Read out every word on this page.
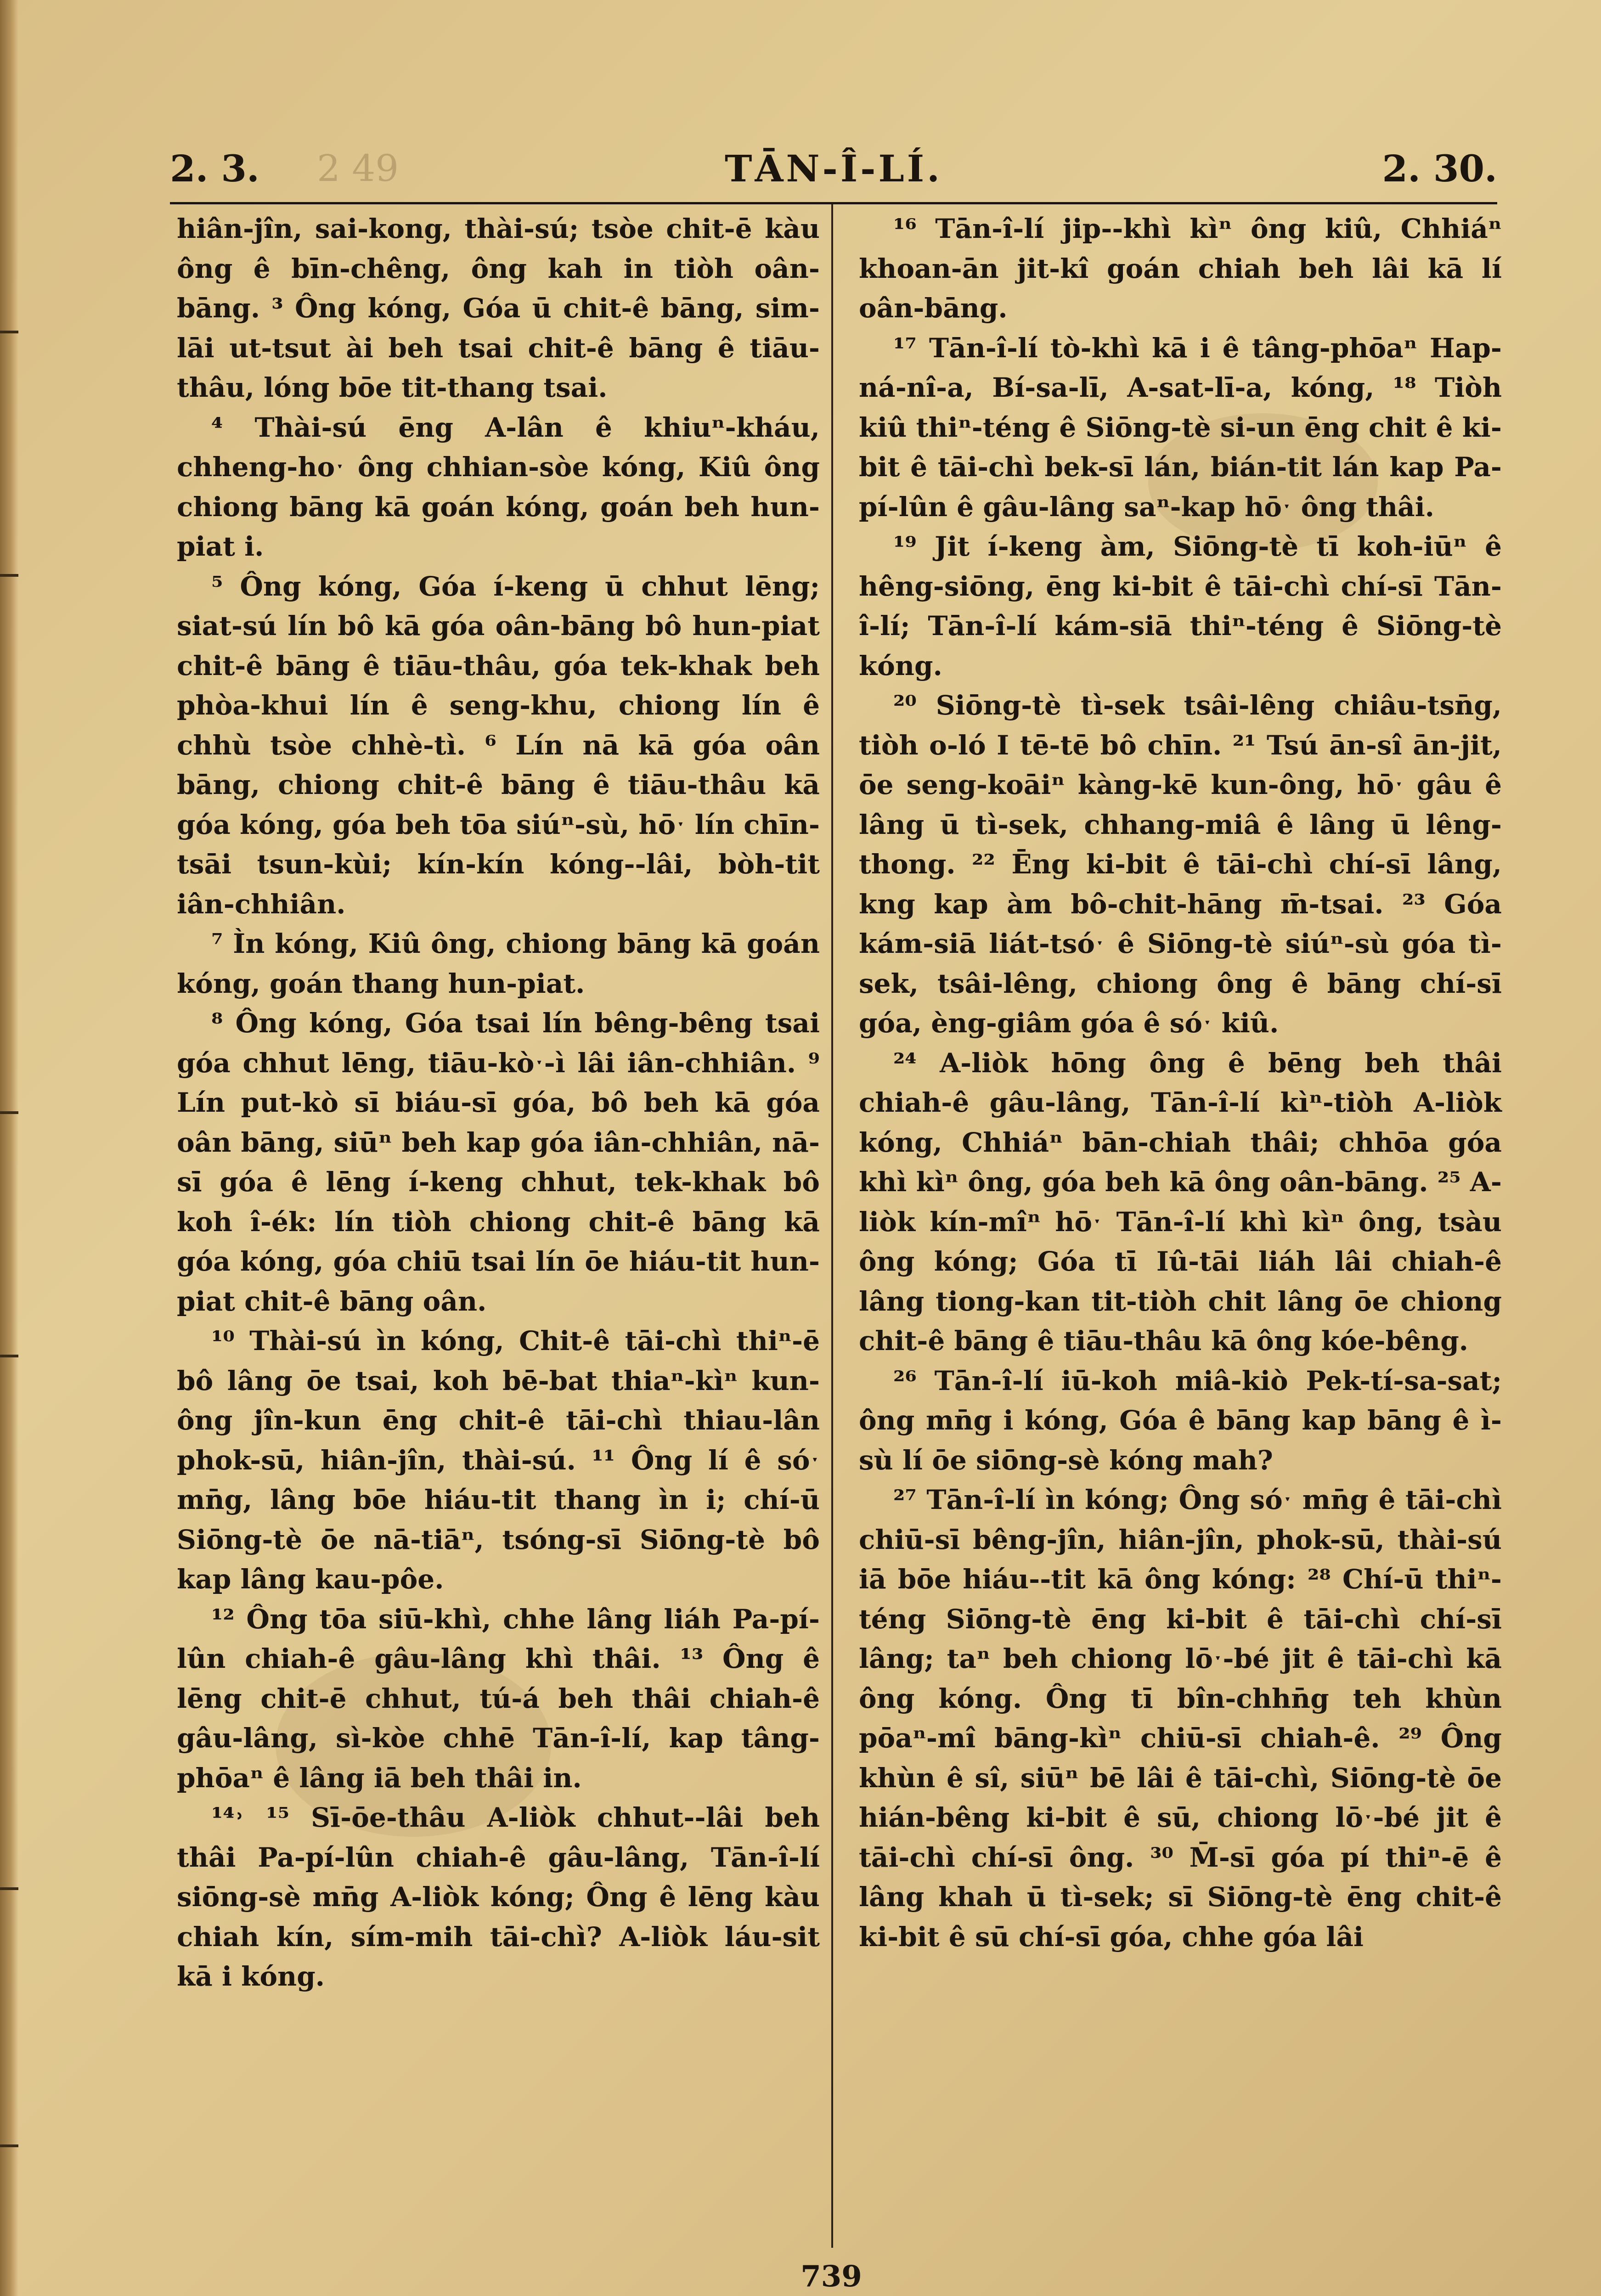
2. 3. 2 49	TĀN-Î-LÍ.	2. 30.

hiân-jîn, sai-kong, thài-sú; tsòe chit-ē kàu ông ê bīn-chêng, ông kah in tiòh oân-bāng. ³ Ông kóng, Góa ū chit-ê bāng, sim-lāi ut-tsut ài beh tsai chit-ê bāng ê tiāu-thâu, lóng bōe tit-thang tsai.

⁴ Thài-sú ēng A-lân ê khiuⁿ-kháu, chheng-hoˑ ông chhian-sòe kóng, Kiû ông chiong bāng kā goán kóng, goán beh hun-piat i.

⁵ Ông kóng, Góa í-keng ū chhut lēng; siat-sú lín bô kā góa oân-bāng bô hun-piat chit-ê bāng ê tiāu-thâu, góa tek-khak beh phòa-khui lín ê seng-khu, chiong lín ê chhù tsòe chhè-tì. ⁶ Lín nā kā góa oân bāng, chiong chit-ê bāng ê tiāu-thâu kā góa kóng, góa beh tōa siúⁿ-sù, hōˑ lín chīn-tsāi tsun-kùi; kín-kín kóng--lâi, bòh-tit iân-chhiân.

⁷ Ìn kóng, Kiû ông, chiong bāng kā goán kóng, goán thang hun-piat.

⁸ Ông kóng, Góa tsai lín bêng-bêng tsai góa chhut lēng, tiāu-kòˑ-ì lâi iân-chhiân. ⁹ Lín put-kò sī biáu-sī góa, bô beh kā góa oân bāng, siūⁿ beh kap góa iân-chhiân, nā-sī góa ê lēng í-keng chhut, tek-khak bô koh î-ék: lín tiòh chiong chit-ê bāng kā góa kóng, góa chiū tsai lín ōe hiáu-tit hun-piat chit-ê bāng oân.

¹⁰ Thài-sú ìn kóng, Chit-ê tāi-chì thiⁿ-ē bô lâng ōe tsai, koh bē-bat thiaⁿ-kìⁿ kun-ông jîn-kun ēng chit-ê tāi-chì thiau-lân phok-sū, hiân-jîn, thài-sú. ¹¹ Ông lí ê sóˑ mn̄g, lâng bōe hiáu-tit thang ìn i; chí-ū Siōng-tè ōe nā-tiāⁿ, tsóng-sī Siōng-tè bô kap lâng kau-pôe.

¹² Ông tōa siū-khì, chhe lâng liáh Pa-pí-lûn chiah-ê gâu-lâng khì thâi. ¹³ Ông ê lēng chit-ē chhut, tú-á beh thâi chiah-ê gâu-lâng, sì-kòe chhē Tān-î-lí, kap tâng-phōaⁿ ê lâng iā beh thâi in.

¹⁴˒ ¹⁵ Sī-ōe-thâu A-liòk chhut--lâi beh thâi Pa-pí-lûn chiah-ê gâu-lâng, Tān-î-lí siōng-sè mn̄g A-liòk kóng; Ông ê lēng kàu chiah kín, sím-mih tāi-chì? A-liòk láu-sit kā i kóng.

¹⁶ Tān-î-lí jip--khì kìⁿ ông kiû, Chhiáⁿ khoan-ān jit-kî goán chiah beh lâi kā lí oân-bāng.

¹⁷ Tān-î-lí tò-khì kā i ê tâng-phōaⁿ Hap-ná-nî-a, Bí-sa-lī, A-sat-lī-a, kóng, ¹⁸ Tiòh kiû thiⁿ-téng ê Siōng-tè si-un ēng chit ê ki-bit ê tāi-chì bek-sī lán, bián-tit lán kap Pa-pí-lûn ê gâu-lâng saⁿ-kap hōˑ ông thâi.

¹⁹ Jit í-keng àm, Siōng-tè tī koh-iūⁿ ê hêng-siōng, ēng ki-bit ê tāi-chì chí-sī Tān-î-lí; Tān-î-lí kám-siā thiⁿ-téng ê Siōng-tè kóng.

²⁰ Siōng-tè tì-sek tsâi-lêng chiâu-tsn̄g, tiòh o-ló I tē-tē bô chīn. ²¹ Tsú ān-sî ān-jit, ōe seng-koāiⁿ kàng-kē kun-ông, hōˑ gâu ê lâng ū tì-sek, chhang-miâ ê lâng ū lêng-thong. ²² Ēng ki-bit ê tāi-chì chí-sī lâng, kng kap àm bô-chit-hāng m̄-tsai. ²³ Góa kám-siā liát-tsóˑ ê Siōng-tè siúⁿ-sù góa tì-sek, tsâi-lêng, chiong ông ê bāng chí-sī góa, èng-giâm góa ê sóˑ kiû.

²⁴ A-liòk hōng ông ê bēng beh thâi chiah-ê gâu-lâng, Tān-î-lí kìⁿ-tiòh A-liòk kóng, Chhiáⁿ bān-chiah thâi; chhōa góa khì kìⁿ ông, góa beh kā ông oân-bāng. ²⁵ A-liòk kín-mîⁿ hōˑ Tān-î-lí khì kìⁿ ông, tsàu ông kóng; Góa tī Iû-tāi liáh lâi chiah-ê lâng tiong-kan tit-tiòh chit lâng ōe chiong chit-ê bāng ê tiāu-thâu kā ông kóe-bêng.

²⁶ Tān-î-lí iū-koh miâ-kiò Pek-tí-sa-sat; ông mn̄g i kóng, Góa ê bāng kap bāng ê ì-sù lí ōe siōng-sè kóng mah?

²⁷ Tān-î-lí ìn kóng; Ông sóˑ mn̄g ê tāi-chì chiū-sī bêng-jîn, hiân-jîn, phok-sū, thài-sú iā bōe hiáu--tit kā ông kóng: ²⁸ Chí-ū thiⁿ-téng Siōng-tè ēng ki-bit ê tāi-chì chí-sī lâng; taⁿ beh chiong lōˑ-bé jit ê tāi-chì kā ông kóng. Ông tī bîn-chhn̄g teh khùn pōaⁿ-mî bāng-kìⁿ chiū-sī chiah-ê. ²⁹ Ông khùn ê sî, siūⁿ bē lâi ê tāi-chì, Siōng-tè ōe hián-bêng ki-bit ê sū, chiong lōˑ-bé jit ê tāi-chì chí-sī ông. ³⁰ M̄-sī góa pí thiⁿ-ē ê lâng khah ū tì-sek; sī Siōng-tè ēng chit-ê ki-bit ê sū chí-sī góa, chhe góa lâi

739
